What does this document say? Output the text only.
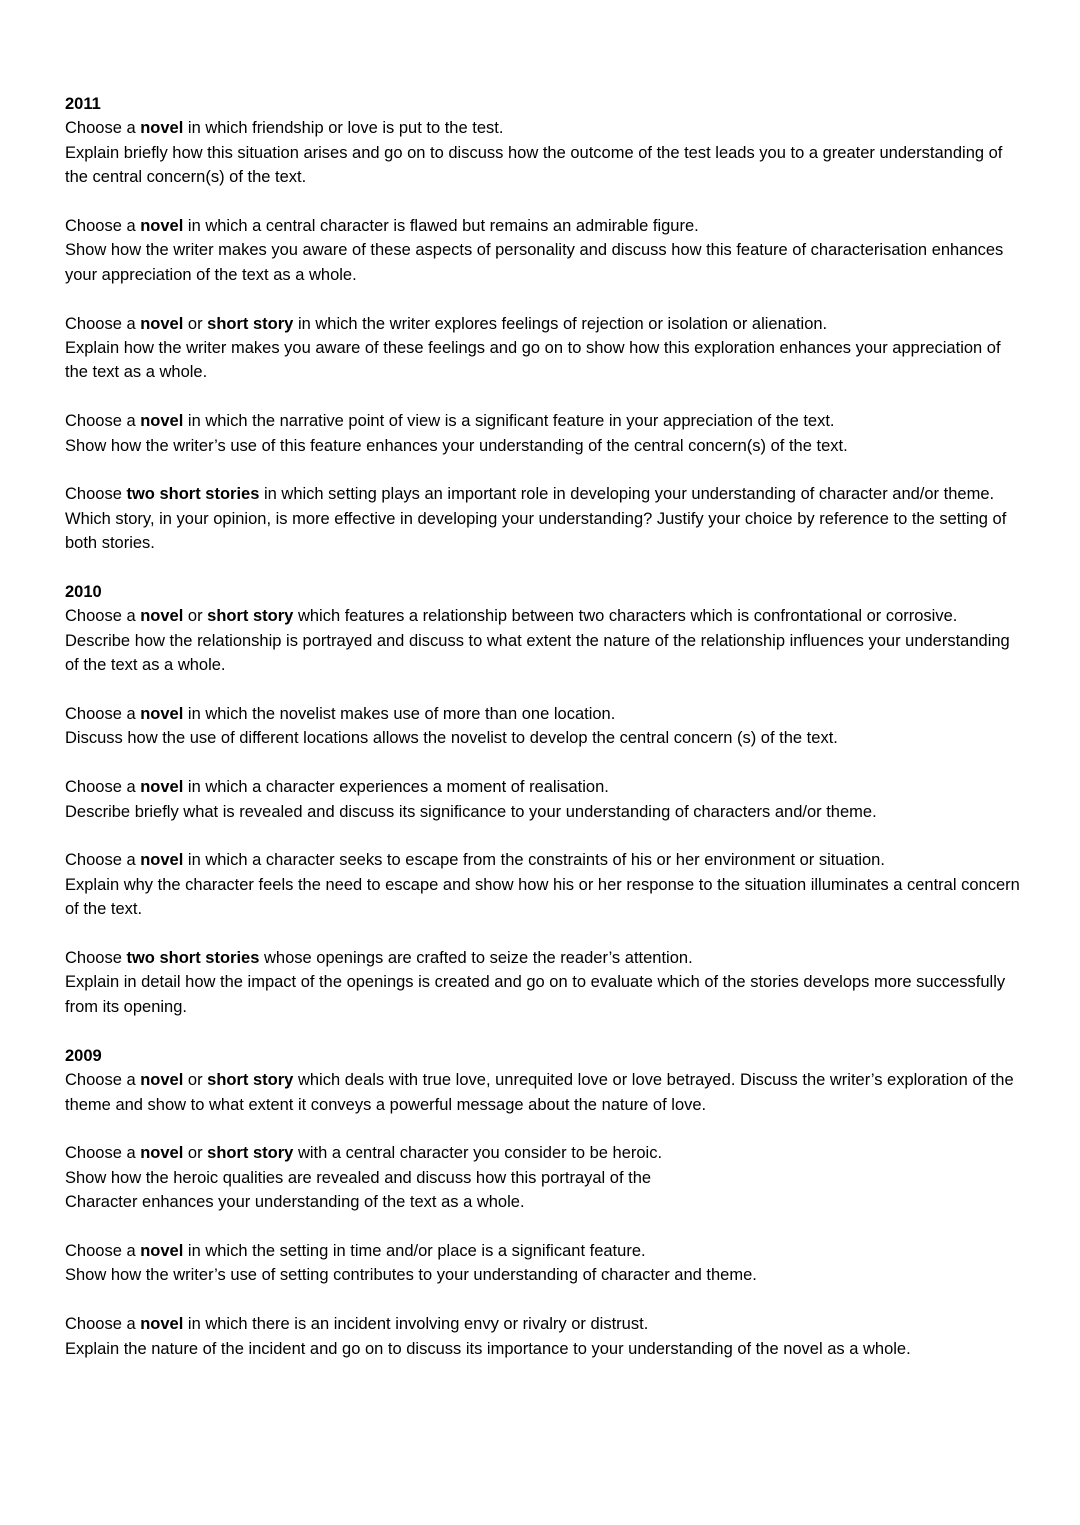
2011

Choose a novel in which friendship or love is put to the test.

Explain briefly how this situation arises and go on to discuss how the outcome of the test leads you to a greater understanding of the central concern(s) of the text.

Choose a novel in which a central character is flawed but remains an admirable figure.

Show how the writer makes you aware of these aspects of personality and discuss how this feature of characterisation enhances your appreciation of the text as a whole.

Choose a novel or short story in which the writer explores feelings of rejection or isolation or alienation.

Explain how the writer makes you aware of these feelings and go on to show how this exploration enhances your appreciation of the text as a whole.

Choose a novel in which the narrative point of view is a significant feature in your appreciation of the text.

Show how the writer’s use of this feature enhances your understanding of the central concern(s) of the text.

Choose two short stories in which setting plays an important role in developing your understanding of character and/or theme.

Which story, in your opinion, is more effective in developing your understanding? Justify your choice by reference to the setting of both stories.

2010

Choose a novel or short story which features a relationship between two characters which is confrontational or corrosive.

Describe how the relationship is portrayed and discuss to what extent the nature of the relationship influences your understanding of the text as a whole.

Choose a novel in which the novelist makes use of more than one location.

Discuss how the use of different locations allows the novelist to develop the central concern (s) of the text.

Choose a novel in which a character experiences a moment of realisation.

Describe briefly what is revealed and discuss its significance to your understanding of characters and/or theme.

Choose a novel in which a character seeks to escape from the constraints of his or her environment or situation.

Explain why the character feels the need to escape and show how his or her response to the situation illuminates a central concern of the text.

Choose two short stories whose openings are crafted to seize the reader’s attention.

Explain in detail how the impact of the openings is created and go on to evaluate which of the stories develops more successfully from its opening.

2009

Choose a novel or short story which deals with true love, unrequited love or love betrayed. Discuss the writer’s exploration of the theme and show to what extent it conveys a powerful message about the nature of love.

Choose a novel or short story with a central character you consider to be heroic.

Show how the heroic qualities are revealed and discuss how this portrayal of the

Character enhances your understanding of the text as a whole.

Choose a novel in which the setting in time and/or place is a significant feature.

Show how the writer’s use of setting contributes to your understanding of character and theme.

Choose a novel in which there is an incident involving envy or rivalry or distrust.

Explain the nature of the incident and go on to discuss its importance to your understanding of the novel as a whole.
